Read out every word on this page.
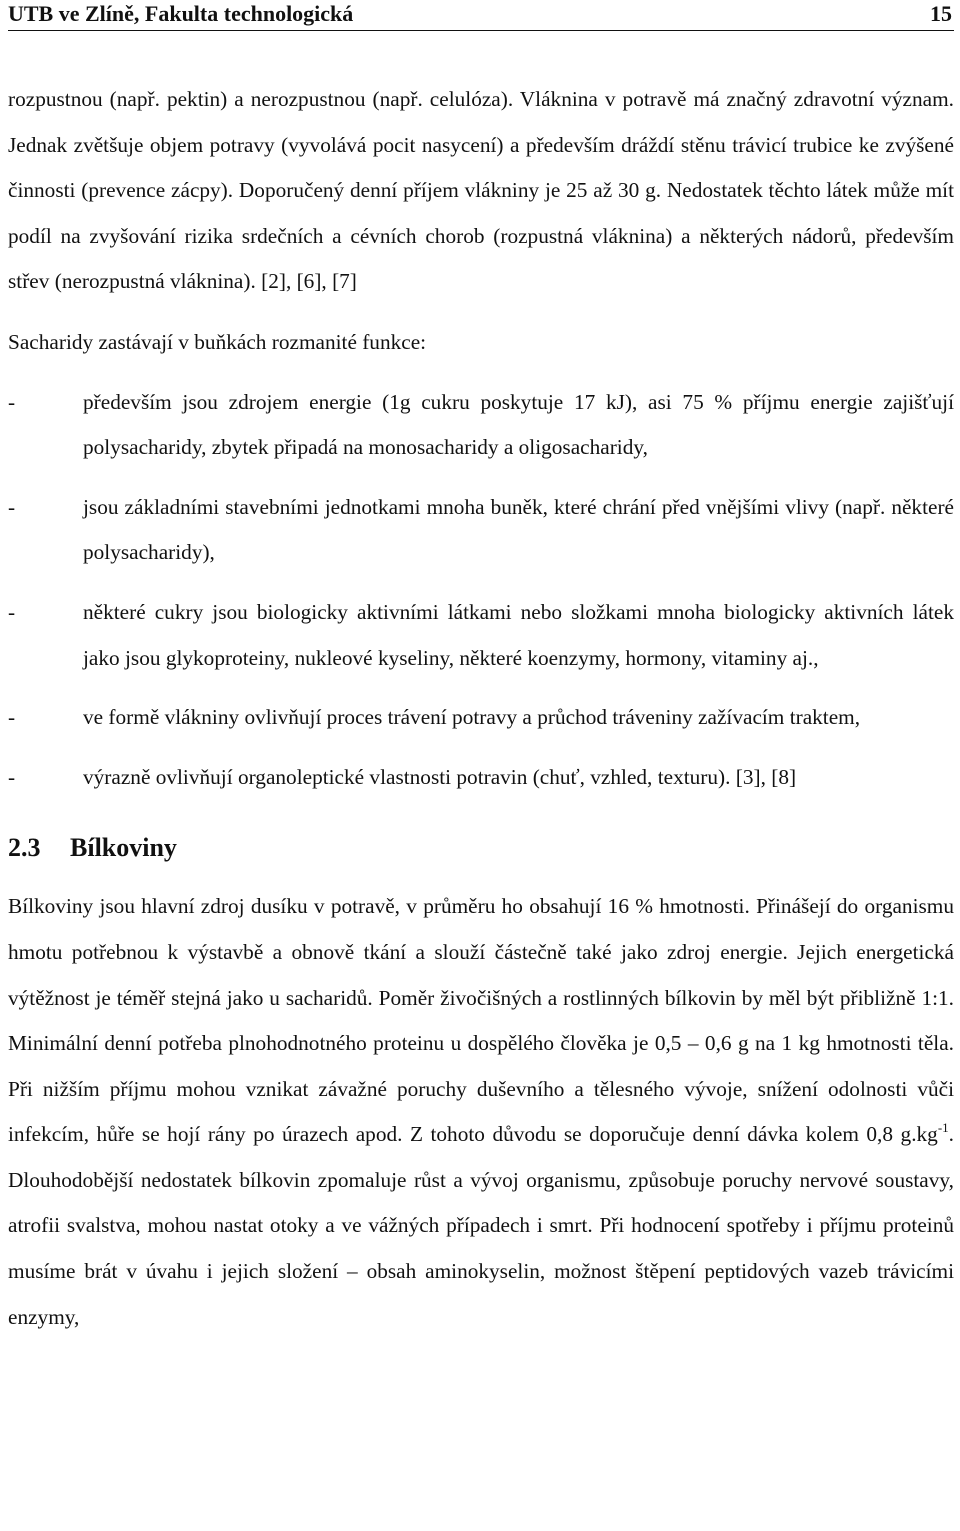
UTB ve Zlíně, Fakulta technologická	15

rozpustnou (např. pektin) a nerozpustnou (např. celulóza). Vláknina v potravě má značný zdravotní význam. Jednak zvětšuje objem potravy (vyvolává pocit nasycení) a především dráždí stěnu trávicí trubice ke zvýšené činnosti (prevence zácpy). Doporučený denní příjem vlákniny je 25 až 30 g. Nedostatek těchto látek může mít podíl na zvyšování rizika srdečních a cévních chorob (rozpustná vláknina) a některých nádorů, především střev (nerozpustná vláknina). [2], [6], [7]

Sacharidy zastávají v buňkách rozmanité funkce:

-	především jsou zdrojem energie (1g cukru poskytuje 17 kJ), asi 75 % příjmu energie zajišťují polysacharidy, zbytek připadá na monosacharidy a oligosacharidy,
-	jsou základními stavebními jednotkami mnoha buněk, které chrání před vnějšími vlivy (např. některé polysacharidy),
-	některé cukry jsou biologicky aktivními látkami nebo složkami mnoha biologicky aktivních látek jako jsou glykoproteiny, nukleové kyseliny, některé koenzymy, hormony, vitaminy aj.,
-	ve formě vlákniny ovlivňují proces trávení potravy a průchod tráveniny zažívacím traktem,
-	výrazně ovlivňují organoleptické vlastnosti potravin (chuť, vzhled, texturu). [3], [8]
2.3 Bílkoviny

Bílkoviny jsou hlavní zdroj dusíku v potravě, v průměru ho obsahují 16 % hmotnosti. Přinášejí do organismu hmotu potřebnou k výstavbě a obnově tkání a slouží částečně také jako zdroj energie. Jejich energetická výtěžnost je téměř stejná jako u sacharidů. Poměr živočišných a rostlinných bílkovin by měl být přibližně 1:1. Minimální denní potřeba plnohodnotného proteinu u dospělého člověka je 0,5 – 0,6 g na 1 kg hmotnosti těla. Při nižším příjmu mohou vznikat závažné poruchy duševního a tělesného vývoje, snížení odolnosti vůči infekcím, hůře se hojí rány po úrazech apod. Z tohoto důvodu se doporučuje denní dávka kolem 0,8 $g.kg^{-1}$. Dlouhodobější nedostatek bílkovin zpomaluje růst a vývoj organismu, způsobuje poruchy nervové soustavy, atrofii svalstva, mohou nastat otoky a ve vážných případech i smrt. Při hodnocení spotřeby i příjmu proteinů musíme brát v úvahu i jejich složení – obsah aminokyselin, možnost štěpení peptidových vazeb trávicími enzymy,
